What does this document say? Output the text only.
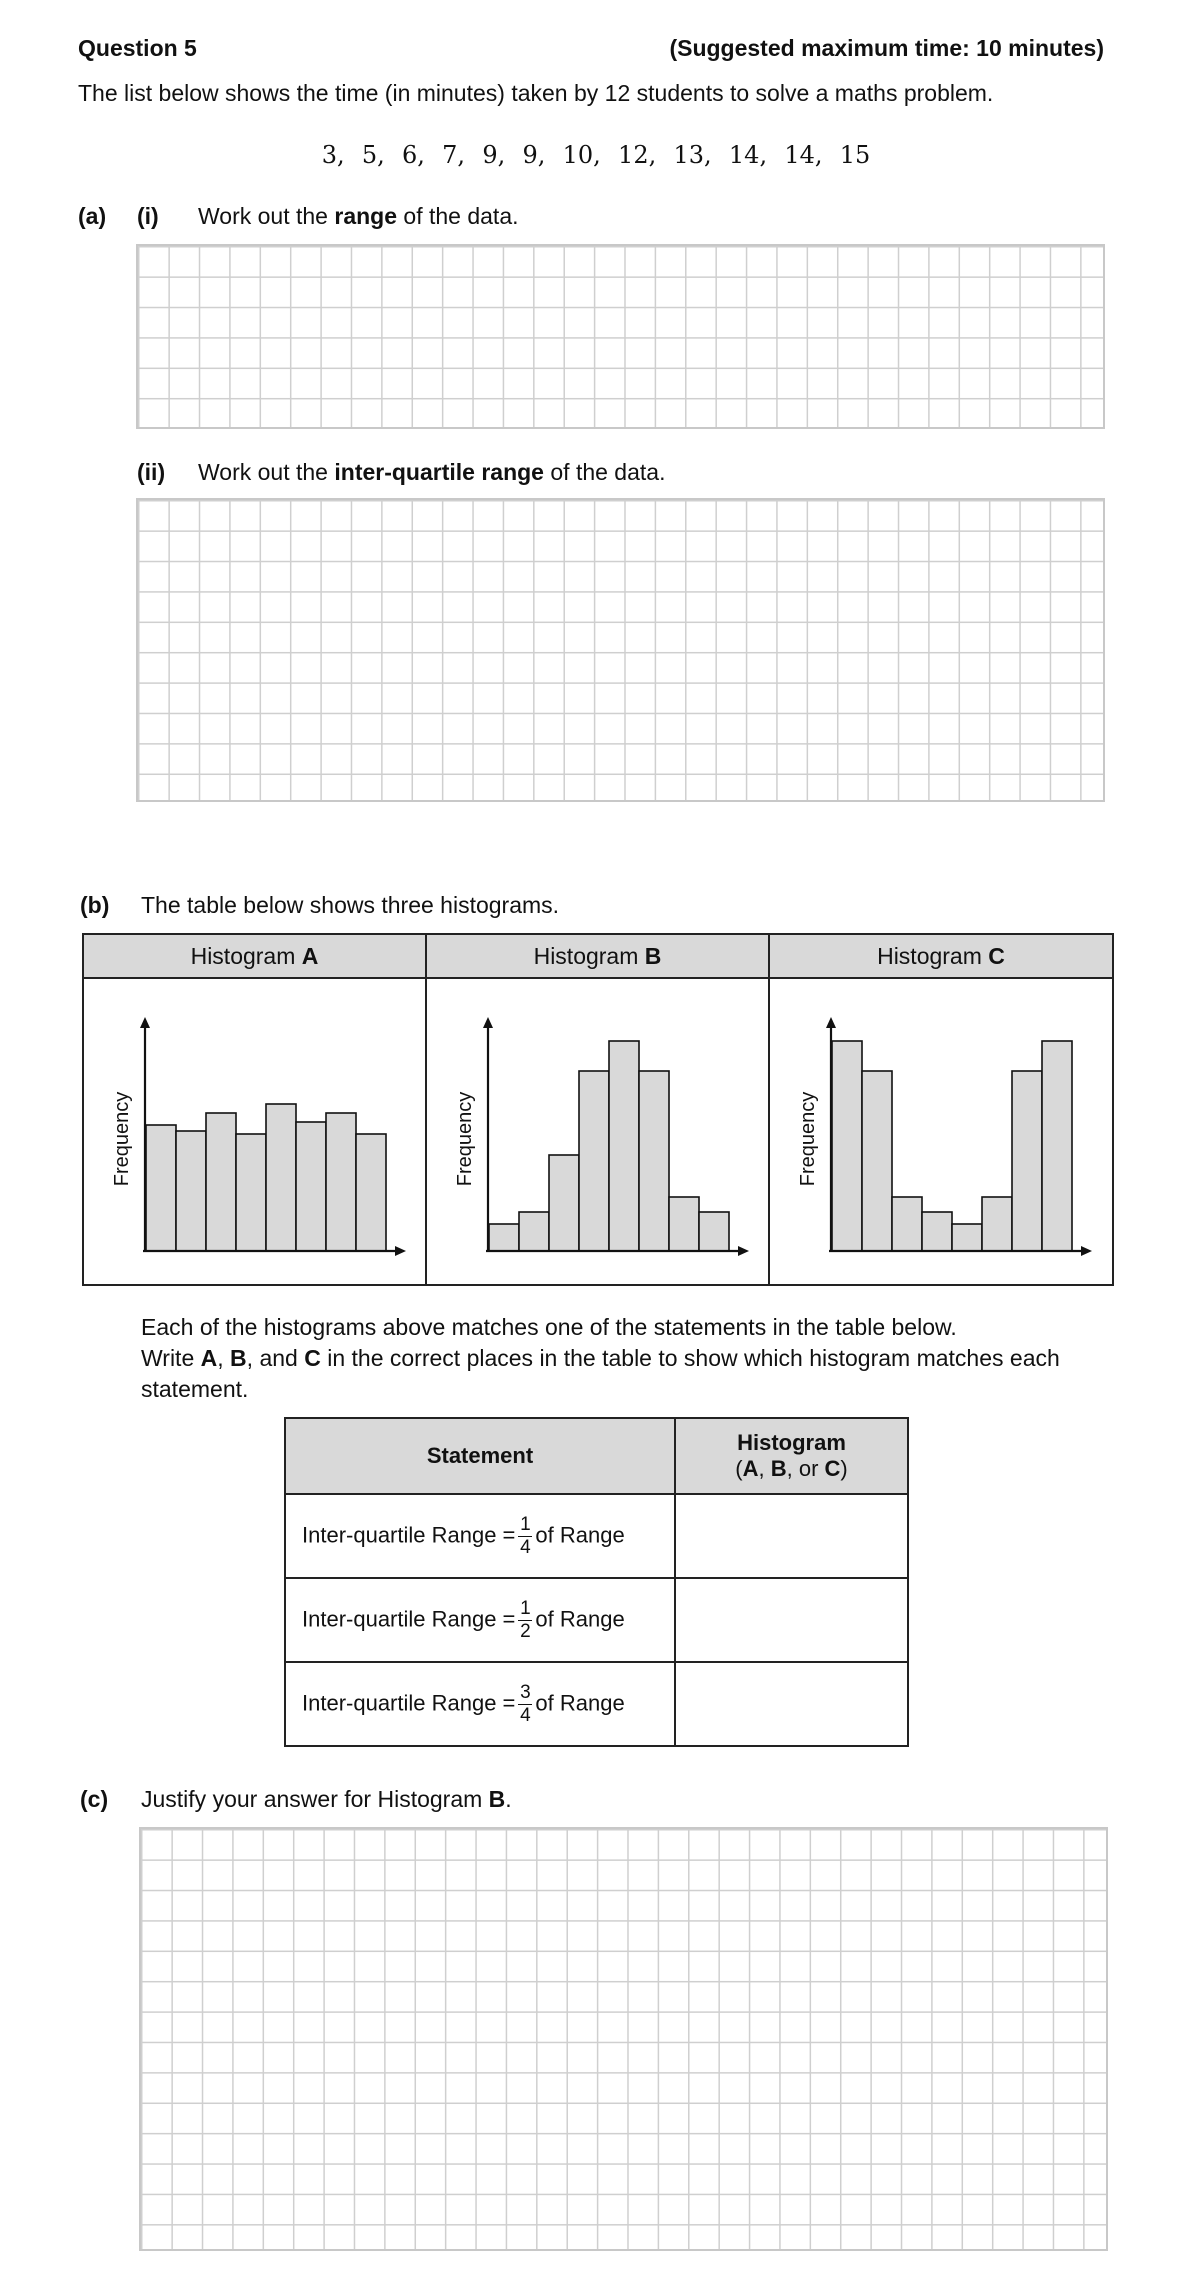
Question 5	(Suggested maximum time: 10 minutes)
The list below shows the time (in minutes) taken by 12 students to solve a maths problem.
3,  5,  6,  7,  9,  9,  10,  12,  13,  14,  14,  15
(a) (i) Work out the range of the data.
(ii) Work out the inter-quartile range of the data.
(b) The table below shows three histograms.
Histogram A	Histogram B	Histogram C

Frequency	Frequency	Frequency
Each of the histograms above matches one of the statements in the table below.
Write A, B, and C in the correct places in the table to show which histogram matches each
statement.
Statement	Histogram
(A, B, or C)
Inter-quartile Range = $\frac{1}{4}$ of Range	
Inter-quartile Range = $\frac{1}{2}$ of Range	
Inter-quartile Range = $\frac{3}{4}$ of Range	
(c) Justify your answer for Histogram B.
